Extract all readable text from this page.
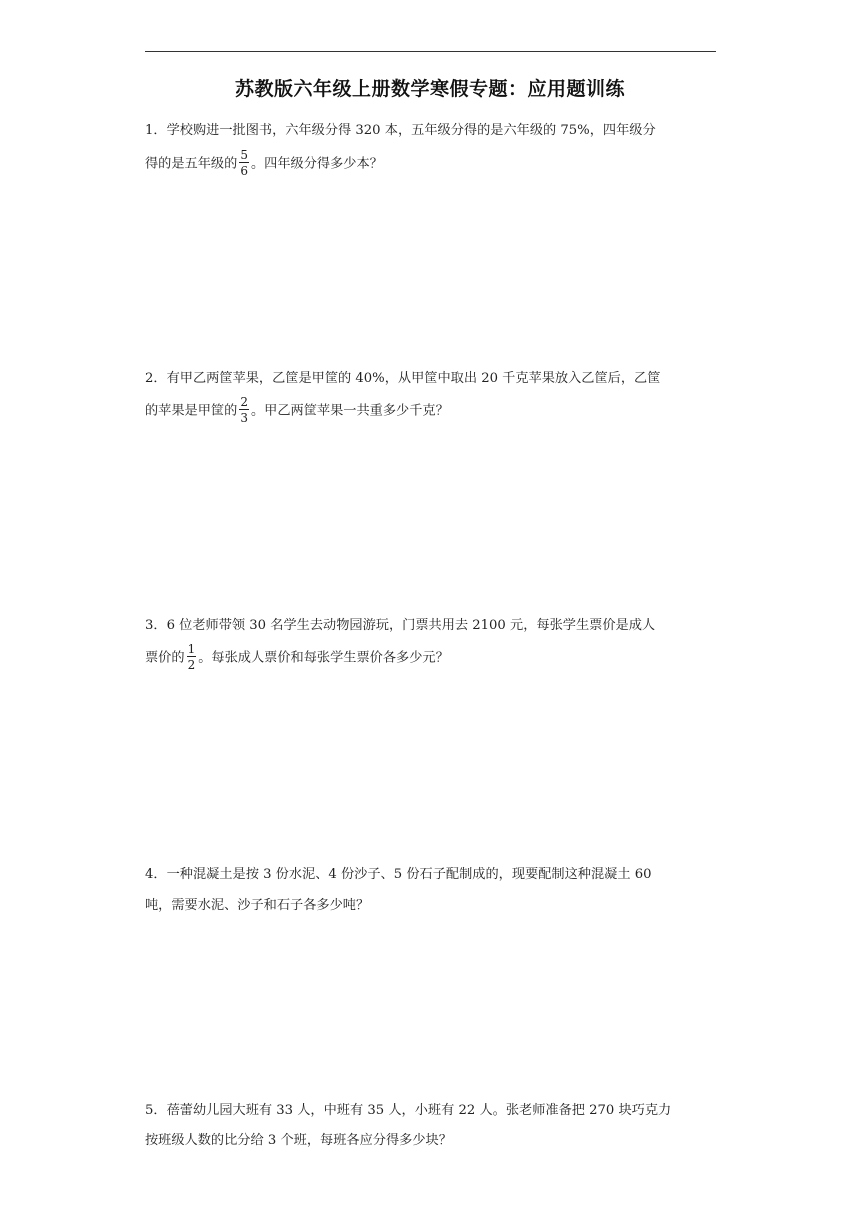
苏教版六年级上册数学寒假专题：应用题训练
1．学校购进一批图书，六年级分得 320 本，五年级分得的是六年级的 75%，四年级分
得的是五年级的 $\frac{5}{6}$ 。四年级分得多少本？
2．有甲乙两筐苹果，乙筐是甲筐的 40%，从甲筐中取出 20 千克苹果放入乙筐后，乙筐
的苹果是甲筐的 $\frac{2}{3}$ 。甲乙两筐苹果一共重多少千克？
3．6 位老师带领 30 名学生去动物园游玩，门票共用去 2100 元，每张学生票价是成人
票价的 $\frac{1}{2}$ 。每张成人票价和每张学生票价各多少元？
4．一种混凝土是按 3 份水泥、4 份沙子、5 份石子配制成的，现要配制这种混凝土 60
吨，需要水泥、沙子和石子各多少吨？
5．蓓蕾幼儿园大班有 33 人，中班有 35 人，小班有 22 人。张老师准备把 270 块巧克力
按班级人数的比分给 3 个班，每班各应分得多少块？
